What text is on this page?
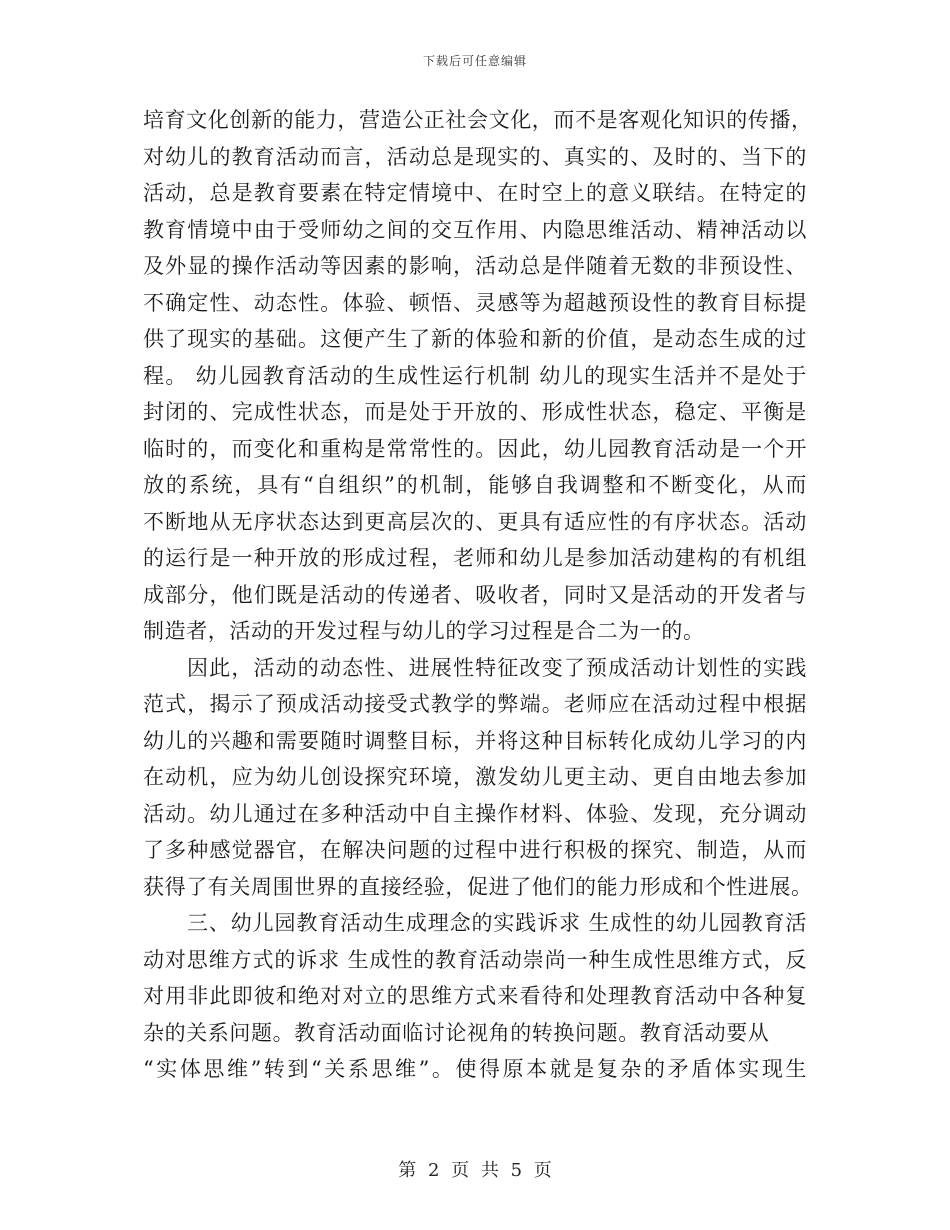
下载后可任意编辑
培育文化创新的能力，营造公正社会文化，而不是客观化知识的传播，
对幼儿的教育活动而言，活动总是现实的、真实的、及时的、当下的
活动，总是教育要素在特定情境中、在时空上的意义联结。在特定的
教育情境中由于受师幼之间的交互作用、内隐思维活动、精神活动以
及外显的操作活动等因素的影响，活动总是伴随着无数的非预设性、
不确定性、动态性。体验、顿悟、灵感等为超越预设性的教育目标提
供了现实的基础。这便产生了新的体验和新的价值，是动态生成的过
程。 幼儿园教育活动的生成性运行机制 幼儿的现实生活并不是处于
封闭的、完成性状态，而是处于开放的、形成性状态，稳定、平衡是
临时的，而变化和重构是常常性的。因此，幼儿园教育活动是一个开
放的系统，具有“自组织”的机制，能够自我调整和不断变化，从而
不断地从无序状态达到更高层次的、更具有适应性的有序状态。活动
的运行是一种开放的形成过程，老师和幼儿是参加活动建构的有机组
成部分，他们既是活动的传递者、吸收者，同时又是活动的开发者与
制造者，活动的开发过程与幼儿的学习过程是合二为一的。
因此，活动的动态性、进展性特征改变了预成活动计划性的实践
范式，揭示了预成活动接受式教学的弊端。老师应在活动过程中根据
幼儿的兴趣和需要随时调整目标，并将这种目标转化成幼儿学习的内
在动机，应为幼儿创设探究环境，激发幼儿更主动、更自由地去参加
活动。幼儿通过在多种活动中自主操作材料、体验、发现，充分调动
了多种感觉器官，在解决问题的过程中进行积极的探究、制造，从而
获得了有关周围世界的直接经验，促进了他们的能力形成和个性进展。
三、幼儿园教育活动生成理念的实践诉求 生成性的幼儿园教育活
动对思维方式的诉求 生成性的教育活动崇尚一种生成性思维方式，反
对用非此即彼和绝对对立的思维方式来看待和处理教育活动中各种复
杂的关系问题。教育活动面临讨论视角的转换问题。教育活动要从
“实体思维”转到“关系思维”。使得原本就是复杂的矛盾体实现生
第 2 页 共 5 页
